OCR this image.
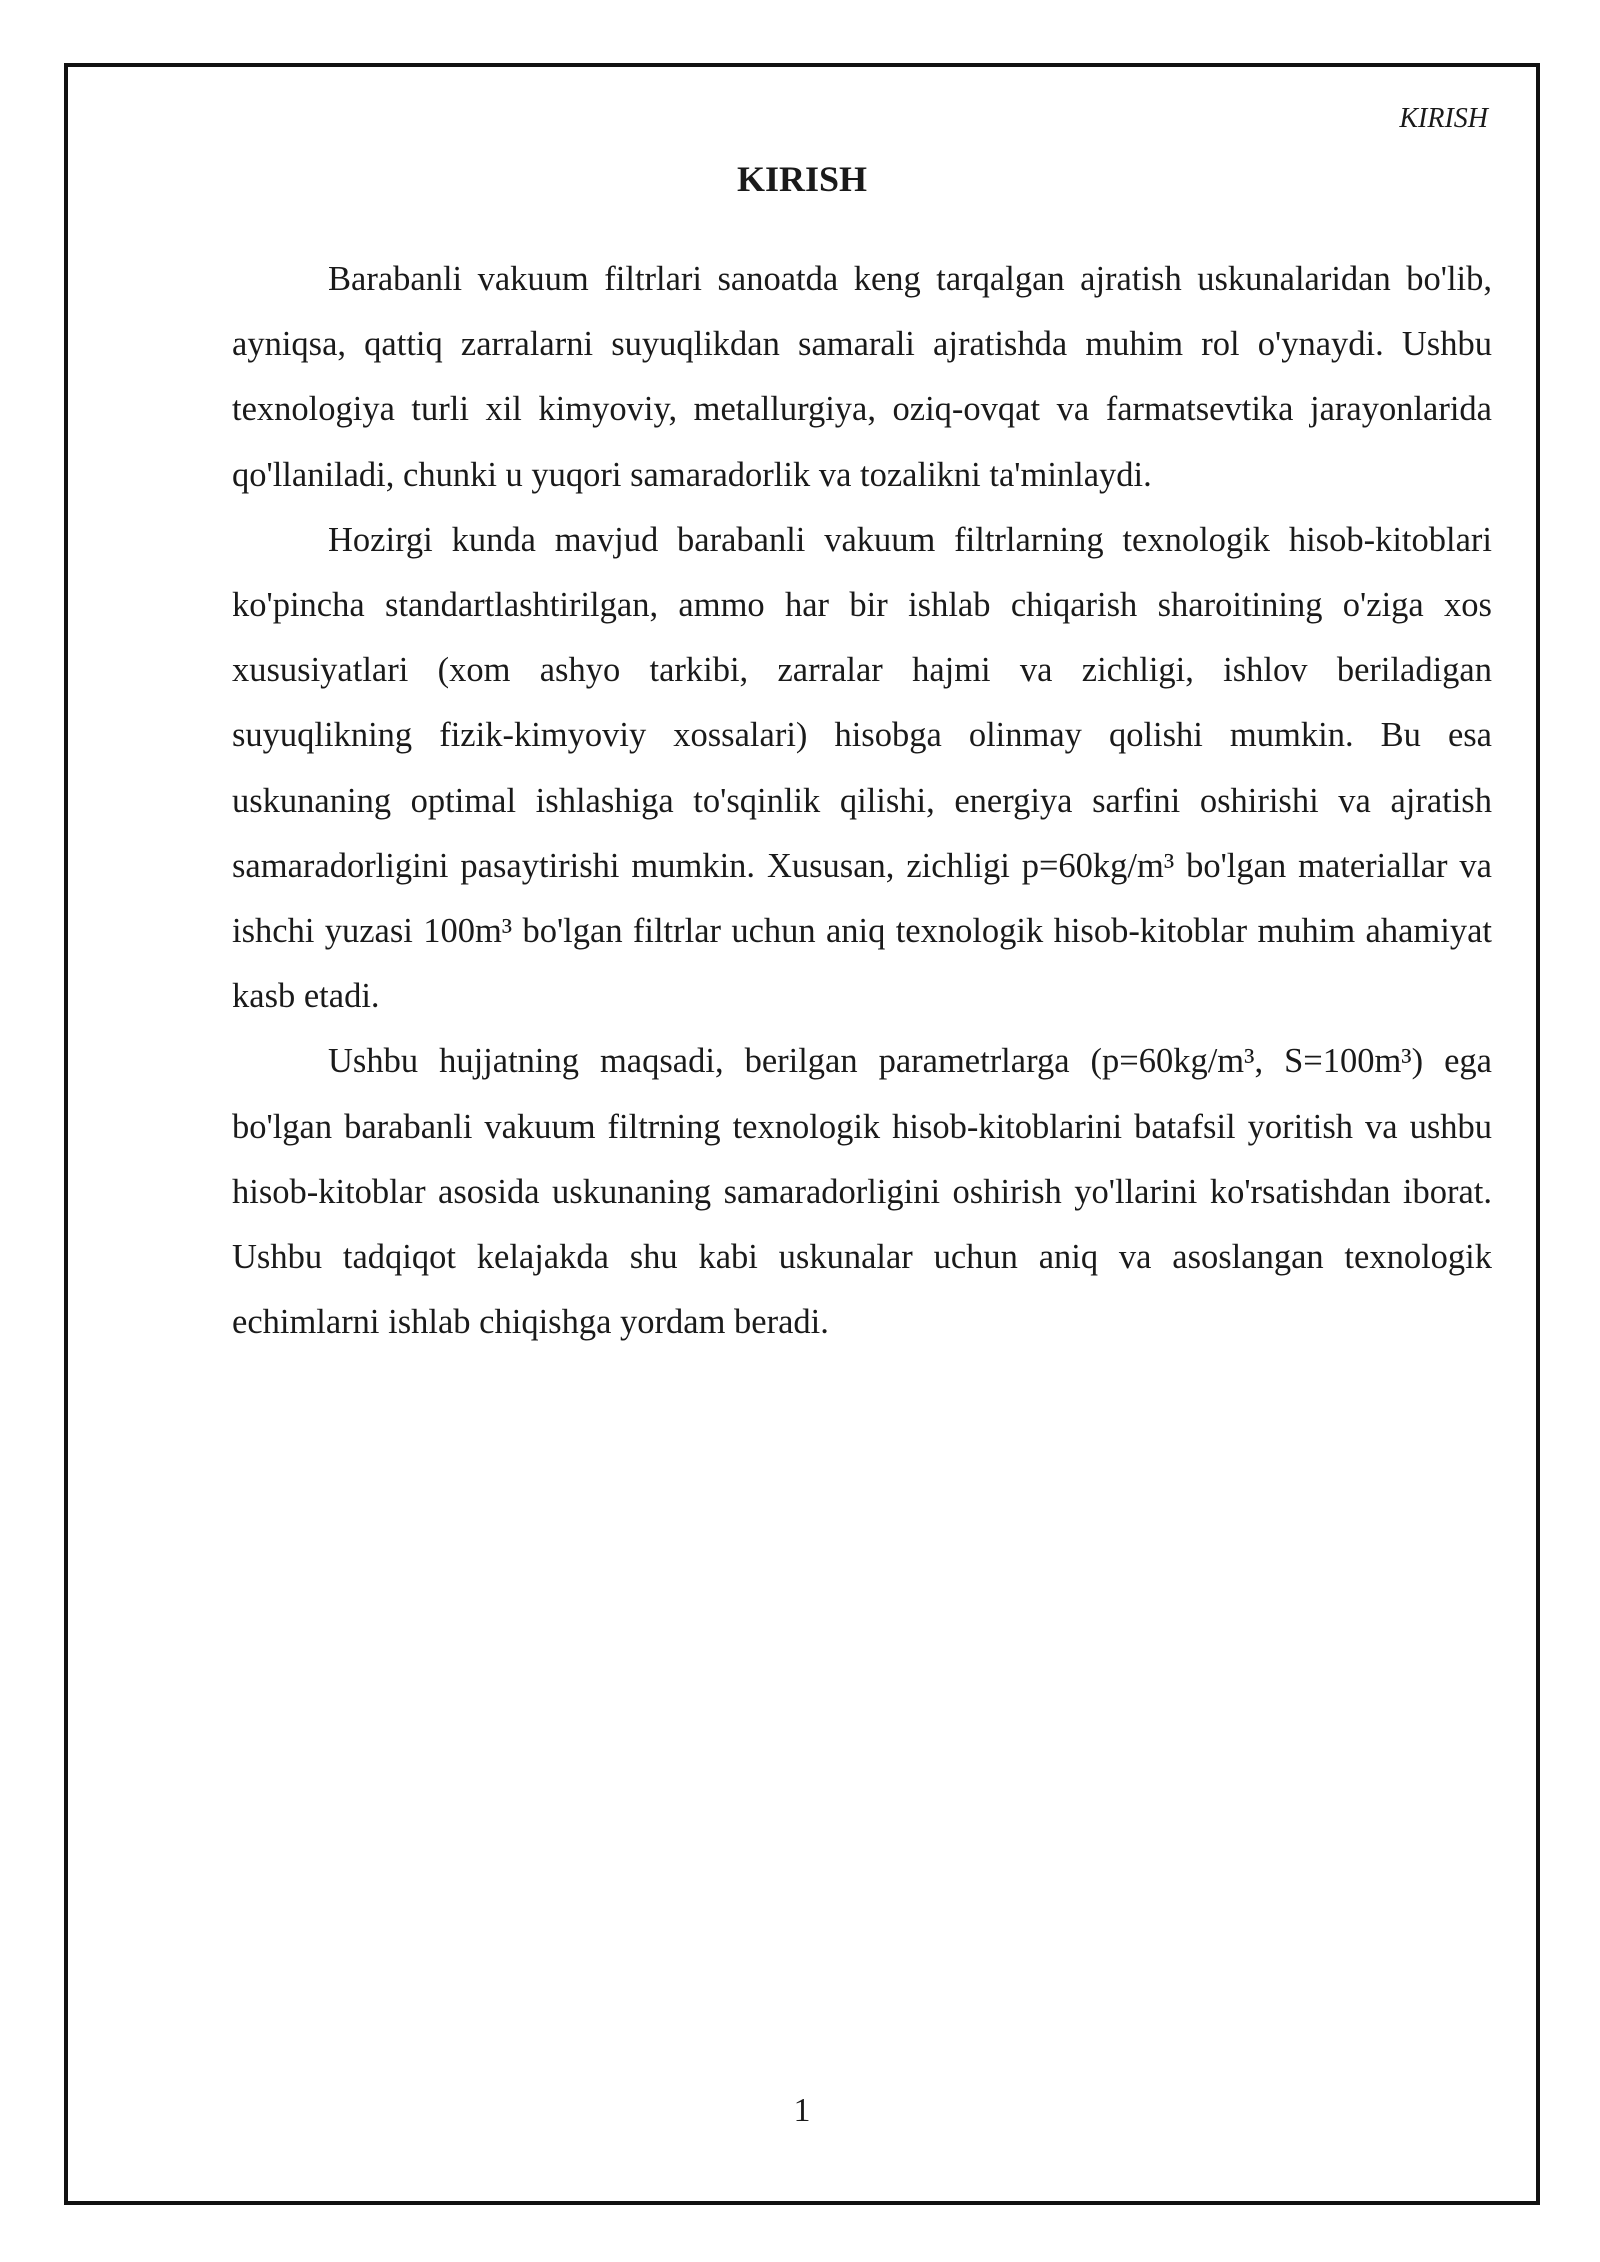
KIRISH
KIRISH

Barabanli vakuum filtrlari sanoatda keng tarqalgan ajratish uskunalaridan bo'lib, ayniqsa, qattiq zarralarni suyuqlikdan samarali ajratishda muhim rol o'ynaydi. Ushbu texnologiya turli xil kimyoviy, metallurgiya, oziq-ovqat va farmatsevtika jarayonlarida qo'llaniladi, chunki u yuqori samaradorlik va tozalikni ta'minlaydi.

Hozirgi kunda mavjud barabanli vakuum filtrlarning texnologik hisob-kitoblari ko'pincha standartlashtirilgan, ammo har bir ishlab chiqarish sharoitining o'ziga xos xususiyatlari (xom ashyo tarkibi, zarralar hajmi va zichligi, ishlov beriladigan suyuqlikning fizik-kimyoviy xossalari) hisobga olinmay qolishi mumkin. Bu esa uskunaning optimal ishlashiga to'sqinlik qilishi, energiya sarfini oshirishi va ajratish samaradorligini pasaytirishi mumkin. Xususan, zichligi p=60kg/m³ bo'lgan materiallar va ishchi yuzasi 100m³ bo'lgan filtrlar uchun aniq texnologik hisob-kitoblar muhim ahamiyat kasb etadi.

Ushbu hujjatning maqsadi, berilgan parametrlarga (p=60kg/m³, S=100m³) ega bo'lgan barabanli vakuum filtrning texnologik hisob-kitoblarini batafsil yoritish va ushbu hisob-kitoblar asosida uskunaning samaradorligini oshirish yo'llarini ko'rsatishdan iborat. Ushbu tadqiqot kelajakda shu kabi uskunalar uchun aniq va asoslangan texnologik echimlarni ishlab chiqishga yordam beradi.

1
